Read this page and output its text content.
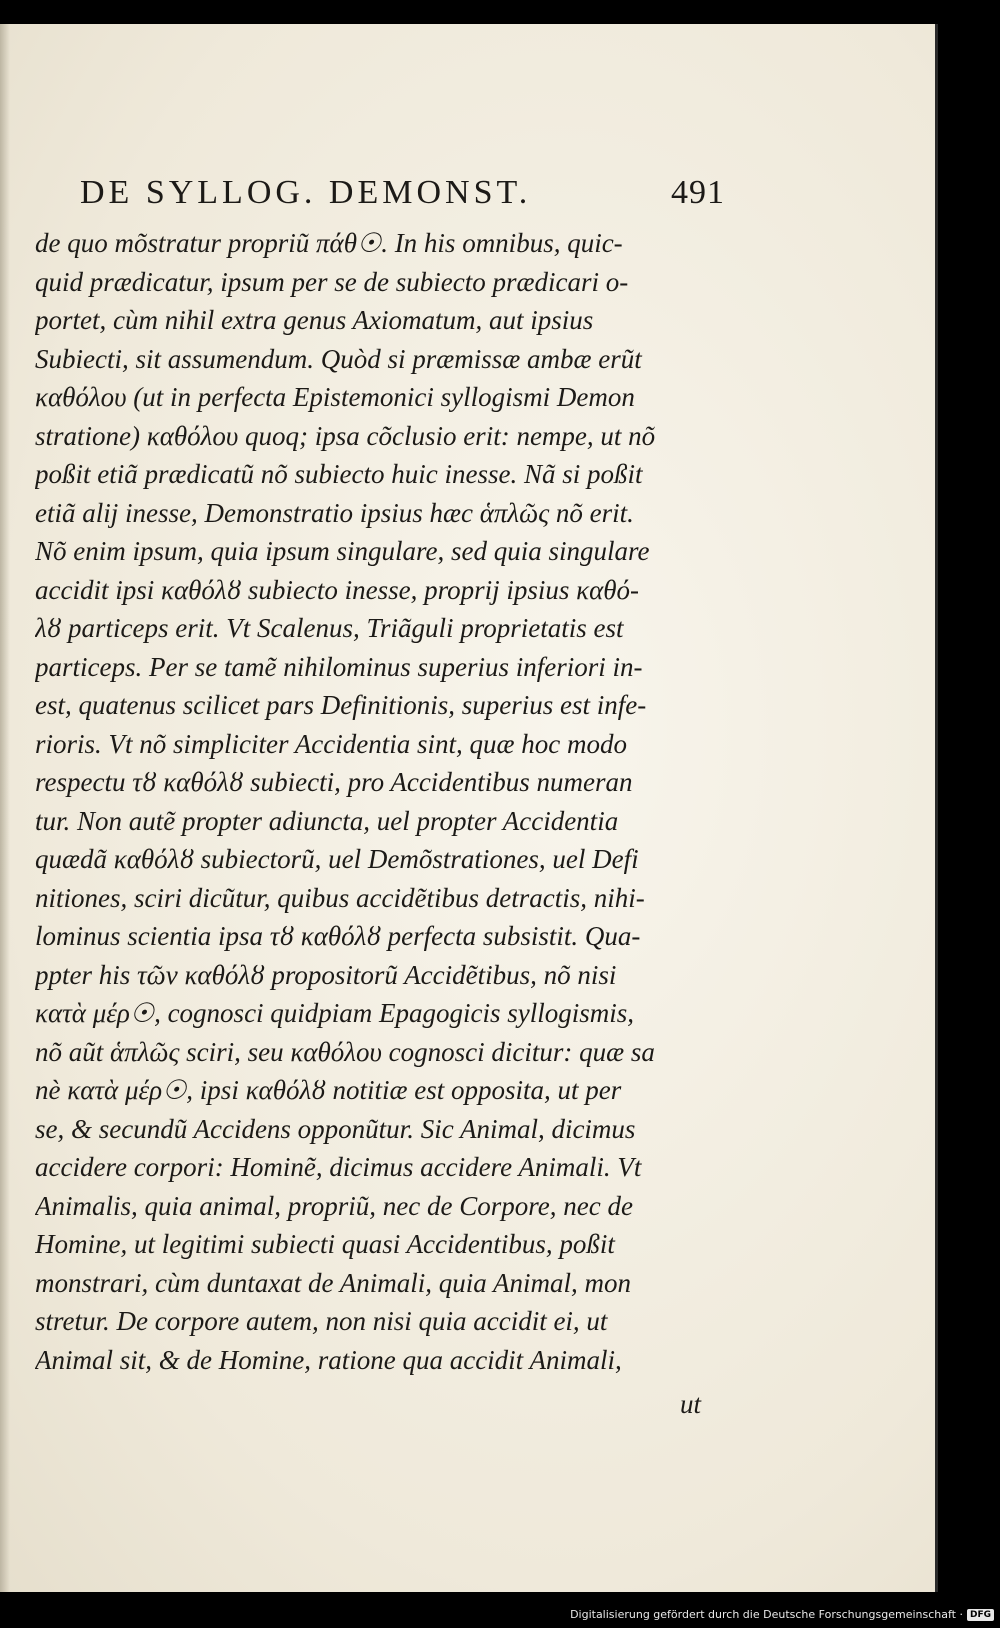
DE SYLLOG. DEMONST.	491
de quo mõstratur propriũ πάθ☉. In his omnibus, quic-
quid prædicatur, ipsum per se de subiecto prædicari o-
portet, cùm nihil extra genus Axiomatum, aut ipsius
Subiecti, sit assumendum. Quòd si præmissæ ambæ erũt
καθόλου (ut in perfecta Epistemonici syllogismi Demon
stratione) καθόλου quoq; ipsa cõclusio erit: nempe, ut nõ
poßit etiã prædicatũ nõ subiecto huic inesse. Nã si poßit
etiã alij inesse, Demonstratio ipsius hæc ἁπλῶς nõ erit.
Nõ enim ipsum, quia ipsum singulare, sed quia singulare
accidit ipsi καθόλȣ subiecto inesse, proprij ipsius καθό-
λȣ particeps erit. Vt Scalenus, Triãguli proprietatis est
particeps. Per se tamẽ nihilominus superius inferiori in-
est, quatenus scilicet pars Definitionis, superius est infe-
rioris. Vt nõ simpliciter Accidentia sint, quæ hoc modo
respectu τȣ καθόλȣ subiecti, pro Accidentibus numeran
tur. Non autẽ propter adiuncta, uel propter Accidentia
quædã καθόλȣ subiectorũ, uel Demõstrationes, uel Defi
nitiones, sciri dicũtur, quibus accidẽtibus detractis, nihi-
lominus scientia ipsa τȣ καθόλȣ perfecta subsistit. Qua-
ppter his τῶν καθόλȣ propositorũ Accidẽtibus, nõ nisi
κατὰ μέρ☉, cognosci quidpiam Epagogicis syllogismis,
nõ aũt ἁπλῶς sciri, seu καθόλου cognosci dicitur: quæ sa
nè κατὰ μέρ☉, ipsi καθόλȣ notitiæ est opposita, ut per
se, & secundũ Accidens opponũtur. Sic Animal, dicimus
accidere corpori: Hominẽ, dicimus accidere Animali. Vt
Animalis, quia animal, propriũ, nec de Corpore, nec de
Homine, ut legitimi subiecti quasi Accidentibus, poßit
monstrari, cùm duntaxat de Animali, quia Animal, mon
stretur. De corpore autem, non nisi quia accidit ei, ut
Animal sit, & de Homine, ratione qua accidit Animali,
ut
Digitalisierung gefördert durch die Deutsche Forschungsgemeinschaft · DFG
